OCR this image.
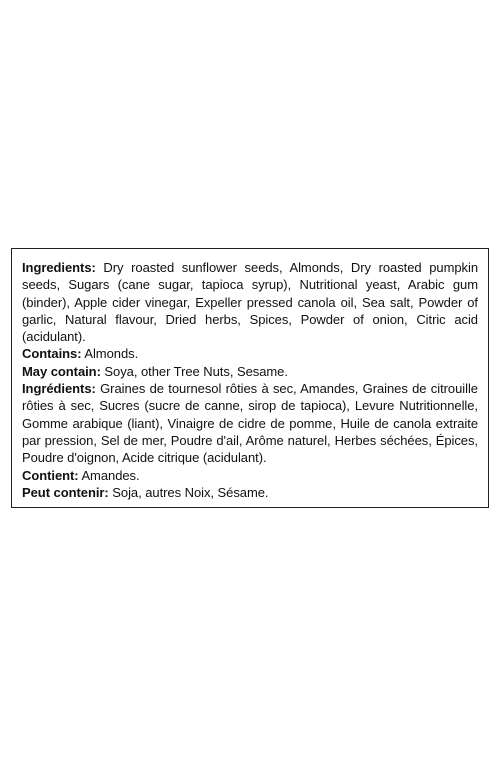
Ingredients: Dry roasted sunflower seeds, Almonds, Dry roasted pumpkin seeds, Sugars (cane sugar, tapioca syrup), Nutritional yeast, Arabic gum (binder), Apple cider vinegar, Expeller pressed canola oil, Sea salt, Powder of garlic, Natural flavour, Dried herbs, Spices, Powder of onion, Citric acid (acidulant).

Contains: Almonds.

May contain: Soya, other Tree Nuts, Sesame.

Ingrédients: Graines de tournesol rôties à sec, Amandes, Graines de citrouille rôties à sec, Sucres (sucre de canne, sirop de tapioca), Levure Nutritionnelle, Gomme arabique (liant), Vinaigre de cidre de pomme, Huile de canola extraite par pression, Sel de mer, Poudre d'ail, Arôme naturel, Herbes séchées, Épices, Poudre d'oignon, Acide citrique (acidulant).

Contient: Amandes.

Peut contenir: Soja, autres Noix, Sésame.
